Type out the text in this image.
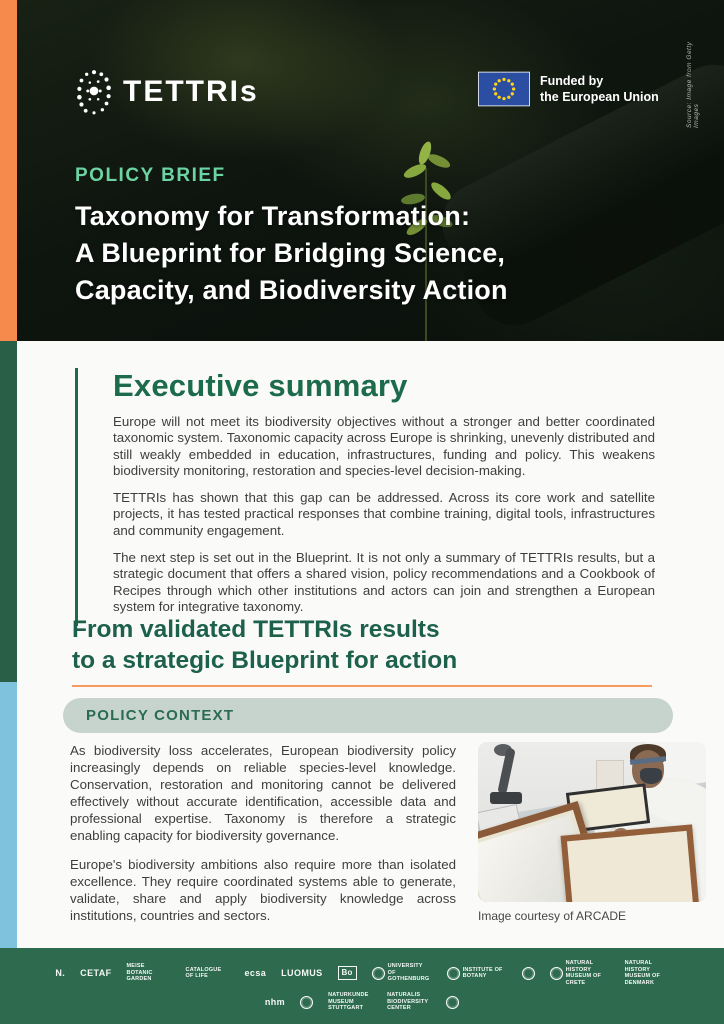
TETTRIs	Funded by
the European Union	Source: Image from Getty Images
POLICY BRIEF
Taxonomy for Transformation:
A Blueprint for Bridging Science,
Capacity, and Biodiversity Action
Executive summary

Europe will not meet its biodiversity objectives without a stronger and better coordinated taxonomic system. Taxonomic capacity across Europe is shrinking, unevenly distributed and still weakly embedded in education, infrastructures, funding and policy. This weakens biodiversity monitoring, restoration and species-level decision-making.

TETTRIs has shown that this gap can be addressed. Across its core work and satellite projects, it has tested practical responses that combine training, digital tools, infrastructures and community engagement.

The next step is set out in the Blueprint. It is not only a summary of TETTRIs results, but a strategic document that offers a shared vision, policy recommendations and a Cookbook of Recipes through which other institutions and actors can join and strengthen a European system for integrative taxonomy.

From validated TETTRIs results
to a strategic Blueprint for action
POLICY CONTEXT

As biodiversity loss accelerates, European biodiversity policy increasingly depends on reliable species-level knowledge. Conservation, restoration and monitoring cannot be delivered effectively without accurate identification, accessible data and professional expertise. Taxonomy is therefore a strategic enabling capacity for biodiversity governance.

Europe's biodiversity ambitions also require more than isolated excellence. They require coordinated systems able to generate, validate, share and apply biodiversity knowledge across institutions, countries and sectors.	Image courtesy of ARCADE
N. CETAF
MEISE BOTANIC GARDEN
CATALOGUE OF LIFE	ecsa LUOMUS	Bo
UNIVERSITY OF GOTHENBURG
INSTITUTE OF BOTANY
NATURAL HISTORY MUSEUM OF CRETE
NATURAL HISTORY MUSEUM OF DENMARK
nhm
NATURKUNDE MUSEUM STUTTGART
NATURALIS BIODIVERSITY CENTER
